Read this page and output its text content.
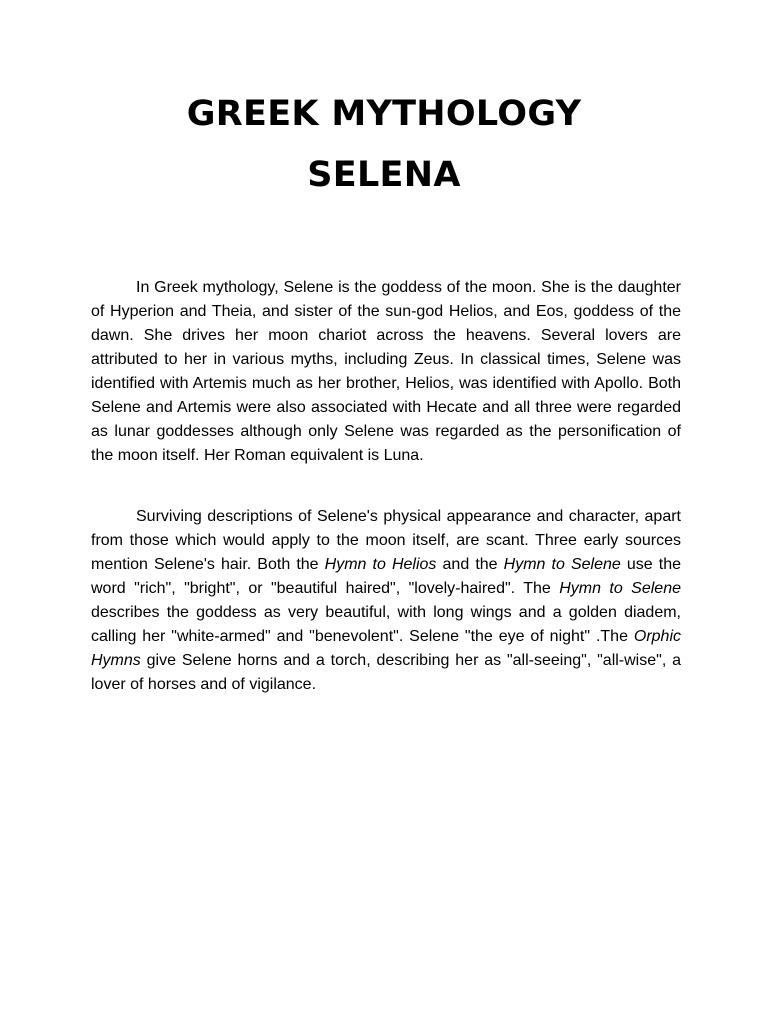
GREEK MYTHOLOGY
SELENA

In Greek mythology, Selene is the goddess of the moon. She is the daughter of Hyperion and Theia, and sister of the sun-god Helios, and Eos, goddess of the dawn. She drives her moon chariot across the heavens. Several lovers are attributed to her in various myths, including Zeus. In classical times, Selene was identified with Artemis much as her brother, Helios, was identified with Apollo. Both Selene and Artemis were also associated with Hecate and all three were regarded as lunar goddesses although only Selene was regarded as the personification of the moon itself. Her Roman equivalent is Luna.

Surviving descriptions of Selene's physical appearance and character, apart from those which would apply to the moon itself, are scant. Three early sources mention Selene's hair. Both the Hymn to Helios and the Hymn to Selene use the word "rich", "bright", or "beautiful haired", "lovely-haired". The Hymn to Selene describes the goddess as very beautiful, with long wings and a golden diadem, calling her "white-armed" and "benevolent". Selene "the eye of night" .The Orphic Hymns give Selene horns and a torch, describing her as "all-seeing", "all-wise", a lover of horses and of vigilance.
